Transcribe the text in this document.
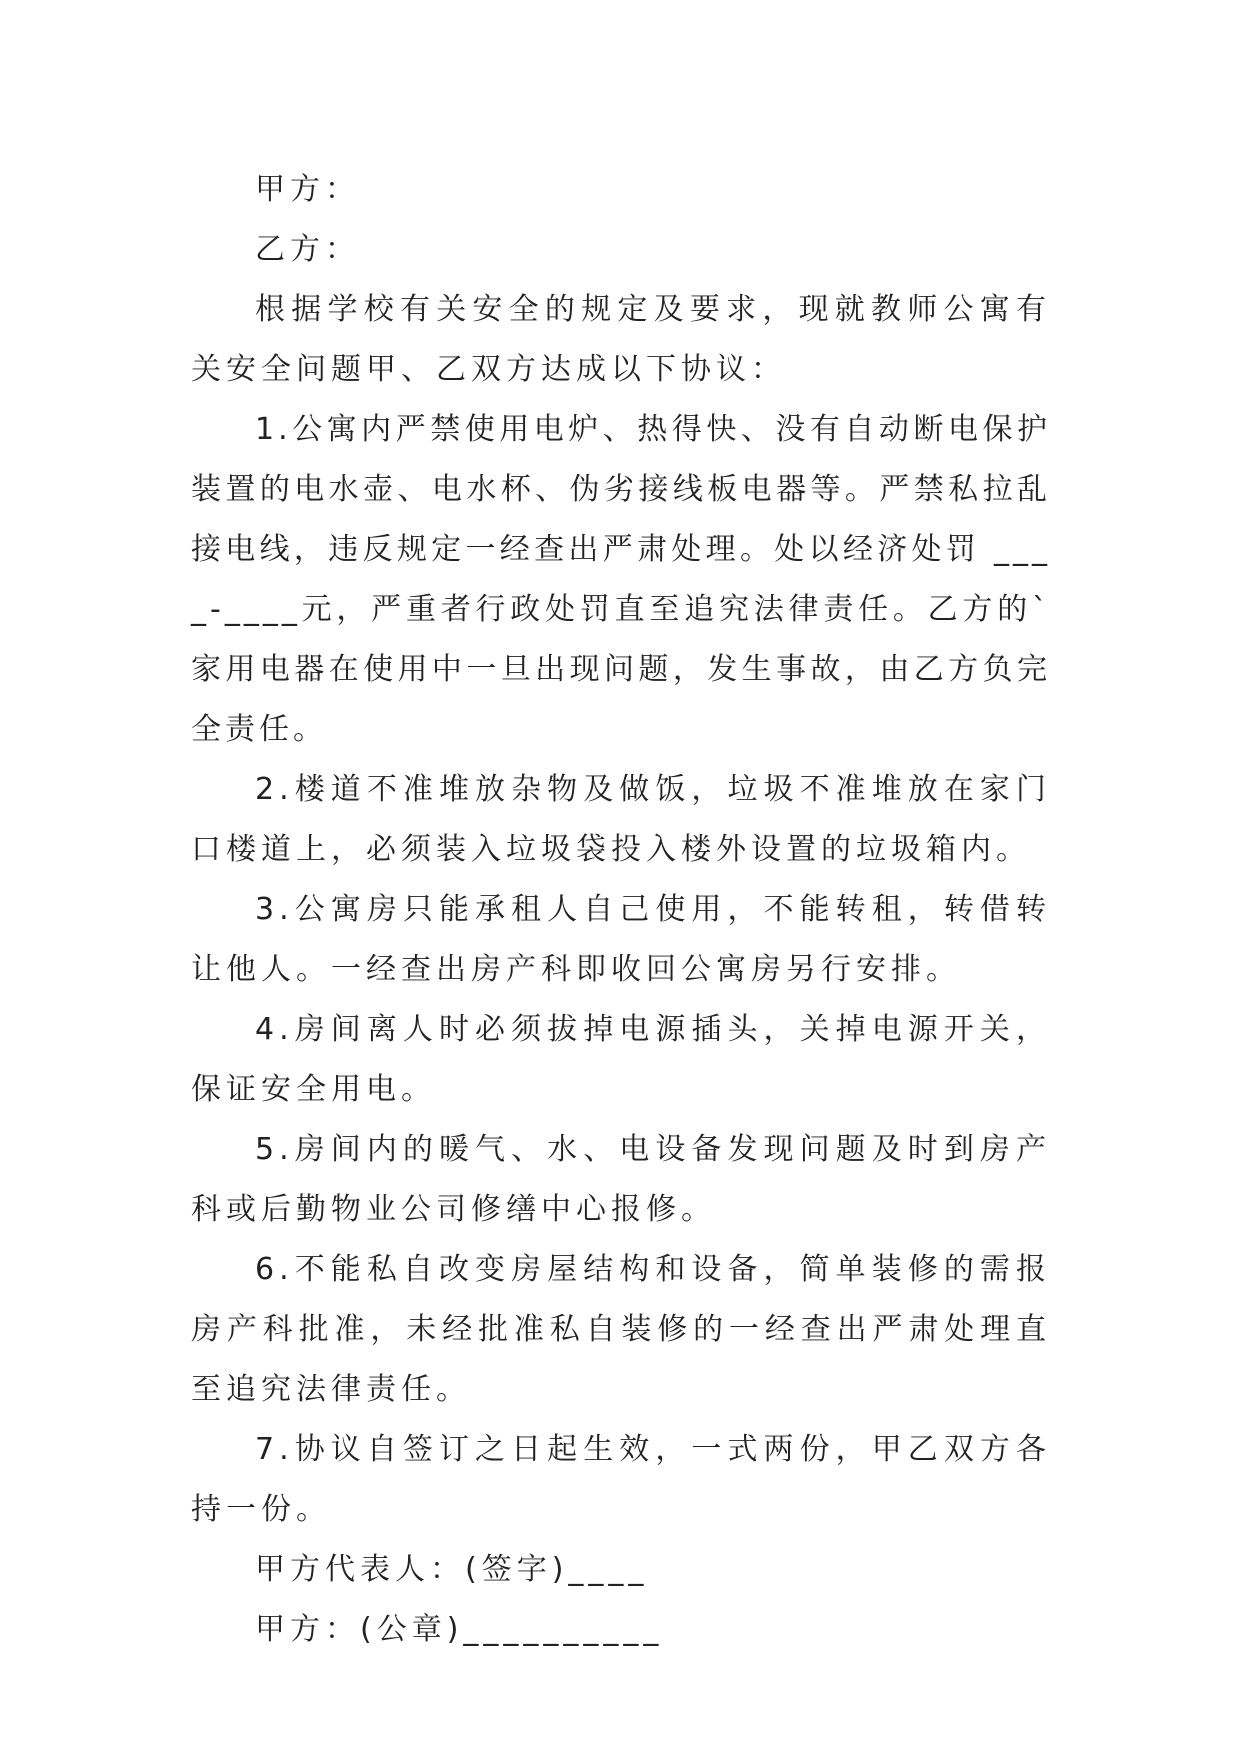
甲方：

乙方：

根据学校有关安全的规定及要求，现就教师公寓有关安全问题甲、乙双方达成以下协议：

1.公寓内严禁使用电炉、热得快、没有自动断电保护装置的电水壶、电水杯、伪劣接线板电器等。严禁私拉乱接电线，违反规定一经查出严肃处理。处以经济处罚 ____-____元，严重者行政处罚直至追究法律责任。乙方的`家用电器在使用中一旦出现问题，发生事故，由乙方负完全责任。

2.楼道不准堆放杂物及做饭，垃圾不准堆放在家门口楼道上，必须装入垃圾袋投入楼外设置的垃圾箱内。

3.公寓房只能承租人自己使用，不能转租，转借转让他人。一经查出房产科即收回公寓房另行安排。

4.房间离人时必须拔掉电源插头，关掉电源开关，保证安全用电。

5.房间内的暖气、水、电设备发现问题及时到房产科或后勤物业公司修缮中心报修。

6.不能私自改变房屋结构和设备，简单装修的需报房产科批准，未经批准私自装修的一经查出严肃处理直至追究法律责任。

7.协议自签订之日起生效，一式两份，甲乙双方各持一份。

甲方代表人：(签字)____

甲方：(公章)__________
